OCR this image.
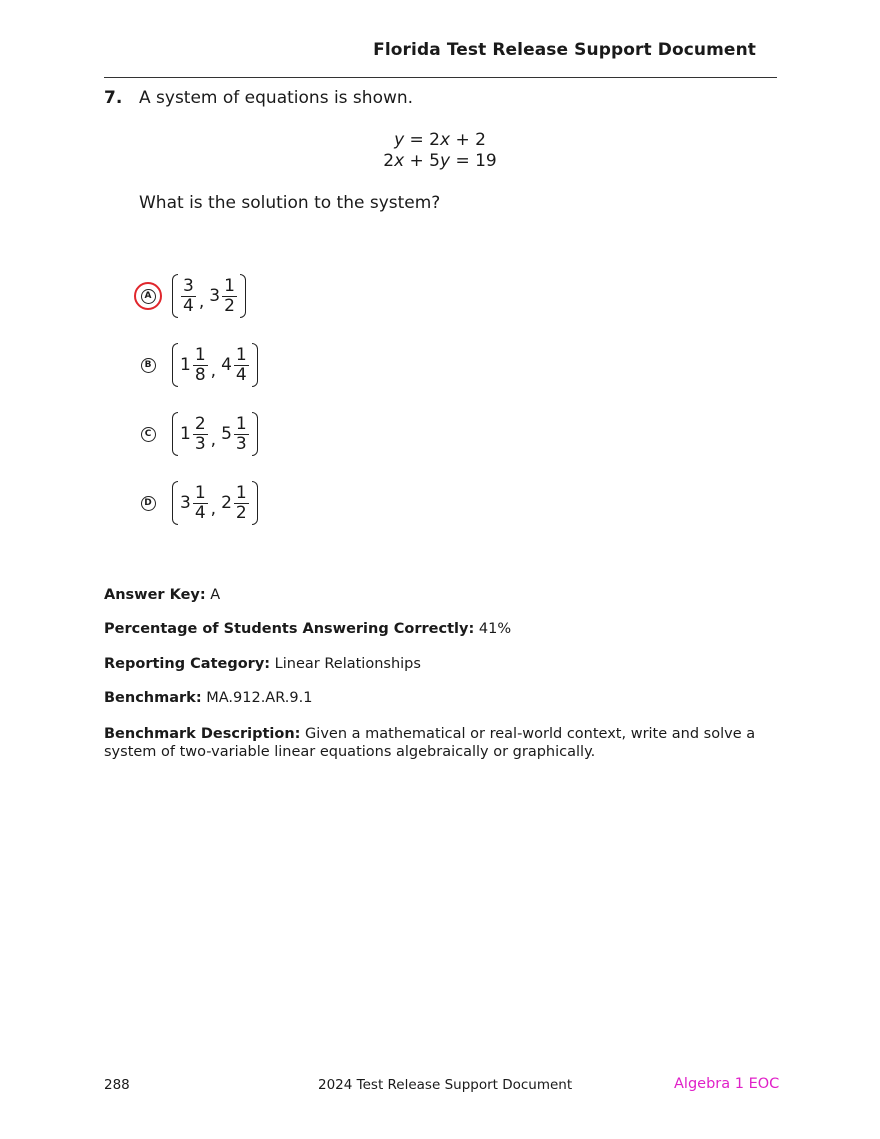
Florida Test Release Support Document
7. A system of equations is shown.
y = 2x + 2
2x + 5y = 19
What is the solution to the system?
A $\frac{3}{4}$ , $3 \frac{1}{2}$
B $1 \frac{1}{8}$ , $4 \frac{1}{4}$
C $1 \frac{2}{3}$ , $5 \frac{1}{3}$
D $3 \frac{1}{4}$ , $2 \frac{1}{2}$
Answer Key: A
Percentage of Students Answering Correctly: 41%
Reporting Category: Linear Relationships
Benchmark: MA.912.AR.9.1
Benchmark Description: Given a mathematical or real-world context, write and solve a system of two-variable linear equations algebraically or graphically.
288	2024 Test Release Support Document	Algebra 1 EOC
